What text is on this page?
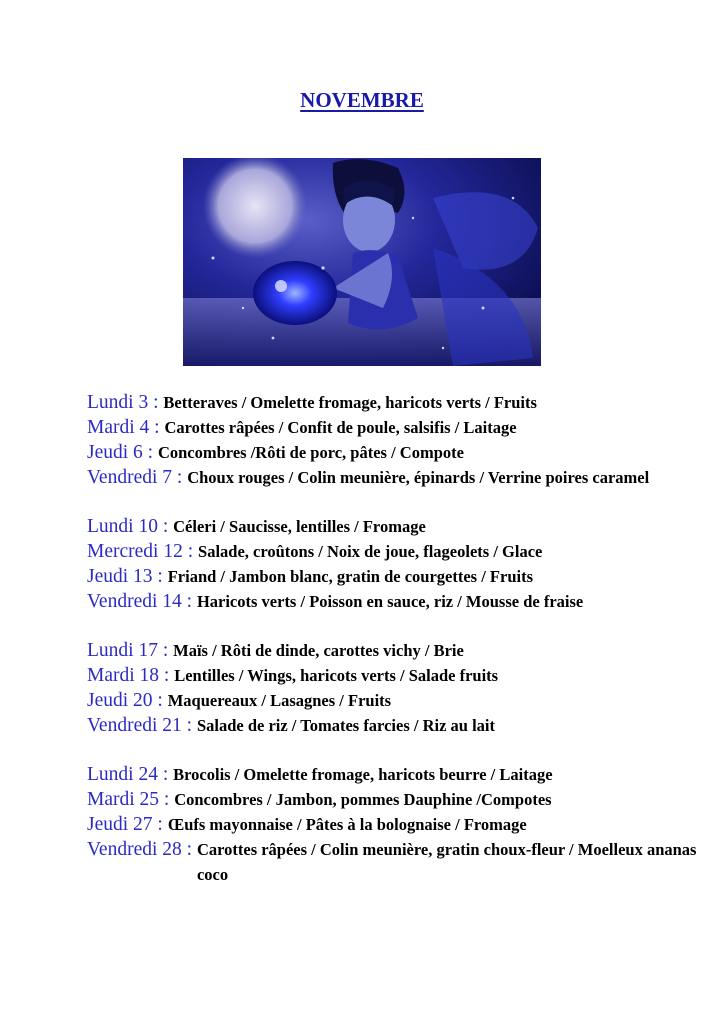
NOVEMBRE
Lundi 3 : Betteraves / Omelette fromage, haricots verts / Fruits
Mardi 4 : Carottes râpées / Confit de poule, salsifis / Laitage
Jeudi 6 : Concombres /Rôti de porc, pâtes / Compote
Vendredi 7 : Choux rouges / Colin meunière, épinards / Verrine poires caramel
Lundi 10 : Céleri / Saucisse, lentilles / Fromage
Mercredi 12 : Salade, croûtons / Noix de joue, flageolets / Glace
Jeudi 13 : Friand / Jambon blanc, gratin de courgettes / Fruits
Vendredi 14 : Haricots verts / Poisson en sauce, riz / Mousse de fraise
Lundi 17 : Maïs / Rôti de dinde, carottes vichy / Brie
Mardi 18 : Lentilles / Wings, haricots verts / Salade fruits
Jeudi 20 : Maquereaux / Lasagnes / Fruits
Vendredi 21 : Salade de riz / Tomates farcies / Riz au lait
Lundi 24 : Brocolis / Omelette fromage, haricots beurre / Laitage
Mardi 25 : Concombres / Jambon, pommes Dauphine /Compotes
Jeudi 27 : Œufs mayonnaise / Pâtes à la bolognaise / Fromage
Vendredi 28 : Carottes râpées / Colin meunière, gratin choux-fleur / Moelleux ananas coco
